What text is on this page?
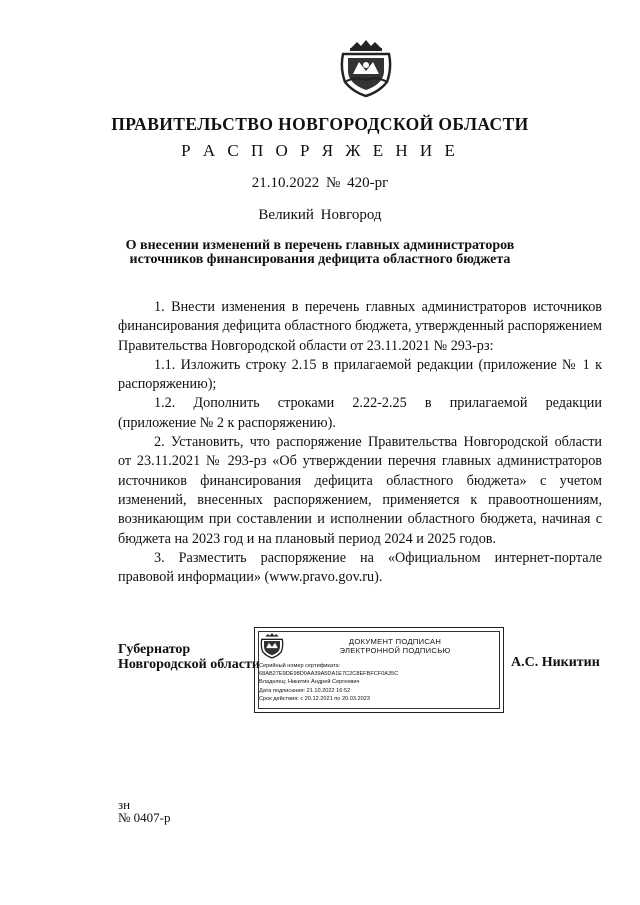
ПРАВИТЕЛЬСТВО НОВГОРОДСКОЙ ОБЛАСТИ
Р А С П О Р Я Ж Е Н И Е
21.10.2022 № 420-рг
Великий Новгород
О внесении изменений в перечень главных администраторов
источников финансирования дефицита областного бюджета

1. Внести изменения в перечень главных администраторов источников финансирования дефицита областного бюджета, утвержденный распоряжением Правительства Новгородской области от 23.11.2021 № 293-рз:

1.1. Изложить строку 2.15 в прилагаемой редакции (приложение № 1 к распоряжению);

1.2. Дополнить строками 2.22-2.25 в прилагаемой редакции

(приложение № 2 к распоряжению).

2. Установить, что распоряжение Правительства Новгородской области от 23.11.2021 № 293-рз «Об утверждении перечня главных администраторов источников финансирования дефицита областного бюджета» с учетом изменений, внесенных распоряжением, применяется к правоотношениям, возникающим при составлении и исполнении областного бюджета, начиная с бюджета на 2023 год и на плановый период 2024 и 2025 годов.

3. Разместить распоряжение на «Официальном интернет-портале правовой информации» (www.pravo.gov.ru).

Губернатор
Новгородской области
ДОКУМЕНТ ПОДПИСАН
ЭЛЕКТРОННОЙ ПОДПИСЬЮ
Серийный номер сертификата:
68AB27E9DE98D0AA39A5DA1E7C2C8EFBFCF0A35C
Владелец: Никитин Андрей Сергеевич
Дата подписания: 21.10.2022 16:52
Срок действия: с 20.12.2021 по 20.03.2023
А.С. Никитин
зн
№ 0407-р
